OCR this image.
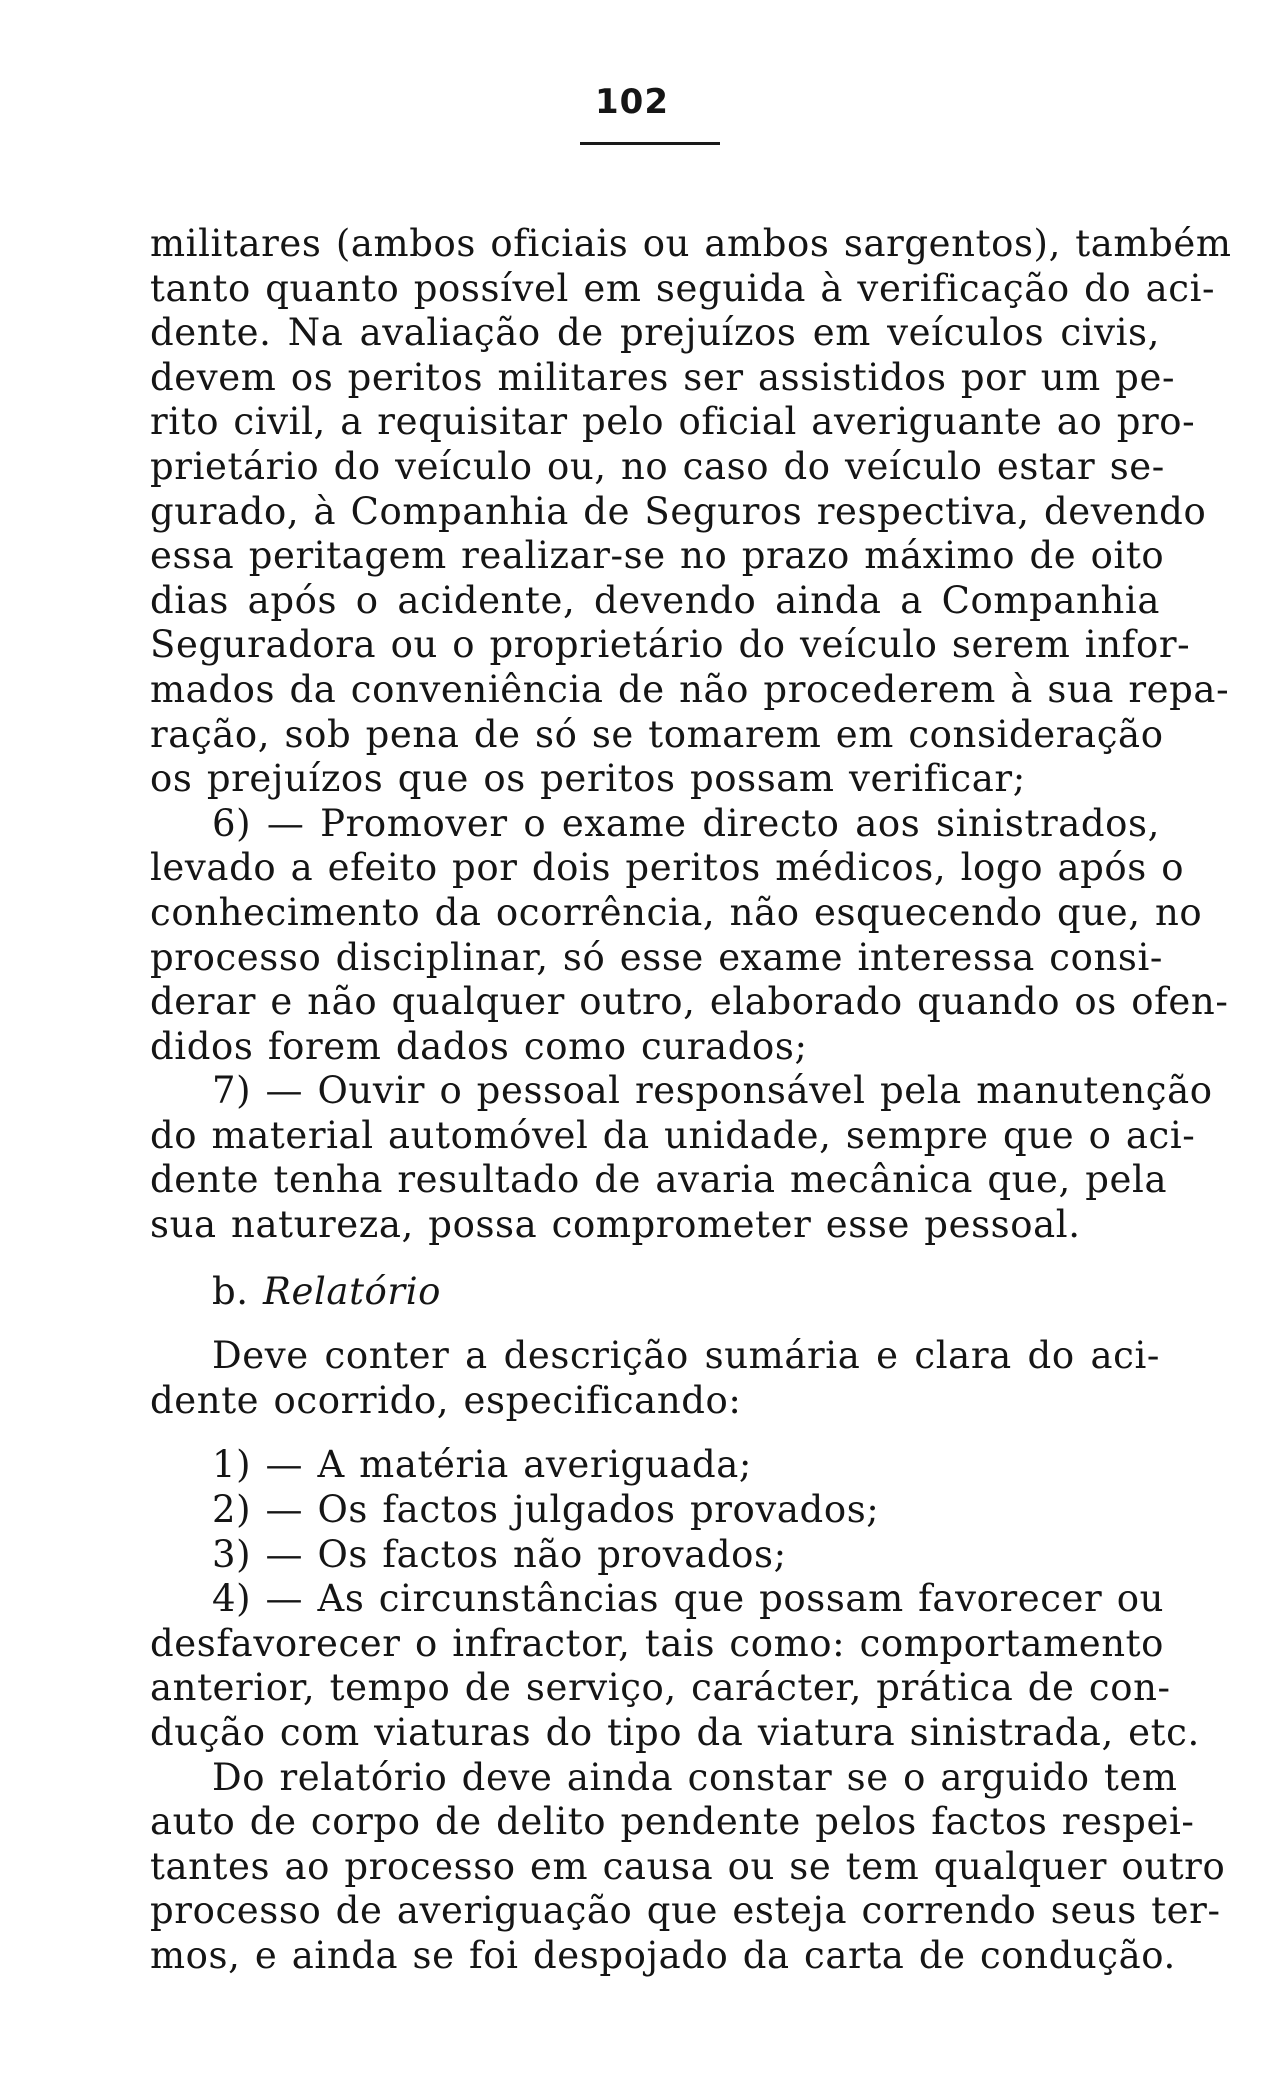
102
militares (ambos oficiais ou ambos sargentos), também
tanto quanto possível em seguida à verificação do aci-
dente. Na avaliação de prejuízos em veículos civis,
devem os peritos militares ser assistidos por um pe-
rito civil, a requisitar pelo oficial averiguante ao pro-
prietário do veículo ou, no caso do veículo estar se-
gurado, à Companhia de Seguros respectiva, devendo
essa peritagem realizar-se no prazo máximo de oito
dias após o acidente, devendo ainda a Companhia
Seguradora ou o proprietário do veículo serem infor-
mados da conveniência de não procederem à sua repa-
ração, sob pena de só se tomarem em consideração
os prejuízos que os peritos possam verificar;
6) — Promover o exame directo aos sinistrados,
levado a efeito por dois peritos médicos, logo após o
conhecimento da ocorrência, não esquecendo que, no
processo disciplinar, só esse exame interessa consi-
derar e não qualquer outro, elaborado quando os ofen-
didos forem dados como curados;
7) — Ouvir o pessoal responsável pela manutenção
do material automóvel da unidade, sempre que o aci-
dente tenha resultado de avaria mecânica que, pela
sua natureza, possa comprometer esse pessoal.
b. Relatório
Deve conter a descrição sumária e clara do aci-
dente ocorrido, especificando:
1) — A matéria averiguada;
2) — Os factos julgados provados;
3) — Os factos não provados;
4) — As circunstâncias que possam favorecer ou
desfavorecer o infractor, tais como: comportamento
anterior, tempo de serviço, carácter, prática de con-
dução com viaturas do tipo da viatura sinistrada, etc.
Do relatório deve ainda constar se o arguido tem
auto de corpo de delito pendente pelos factos respei-
tantes ao processo em causa ou se tem qualquer outro
processo de averiguação que esteja correndo seus ter-
mos, e ainda se foi despojado da carta de condução.
